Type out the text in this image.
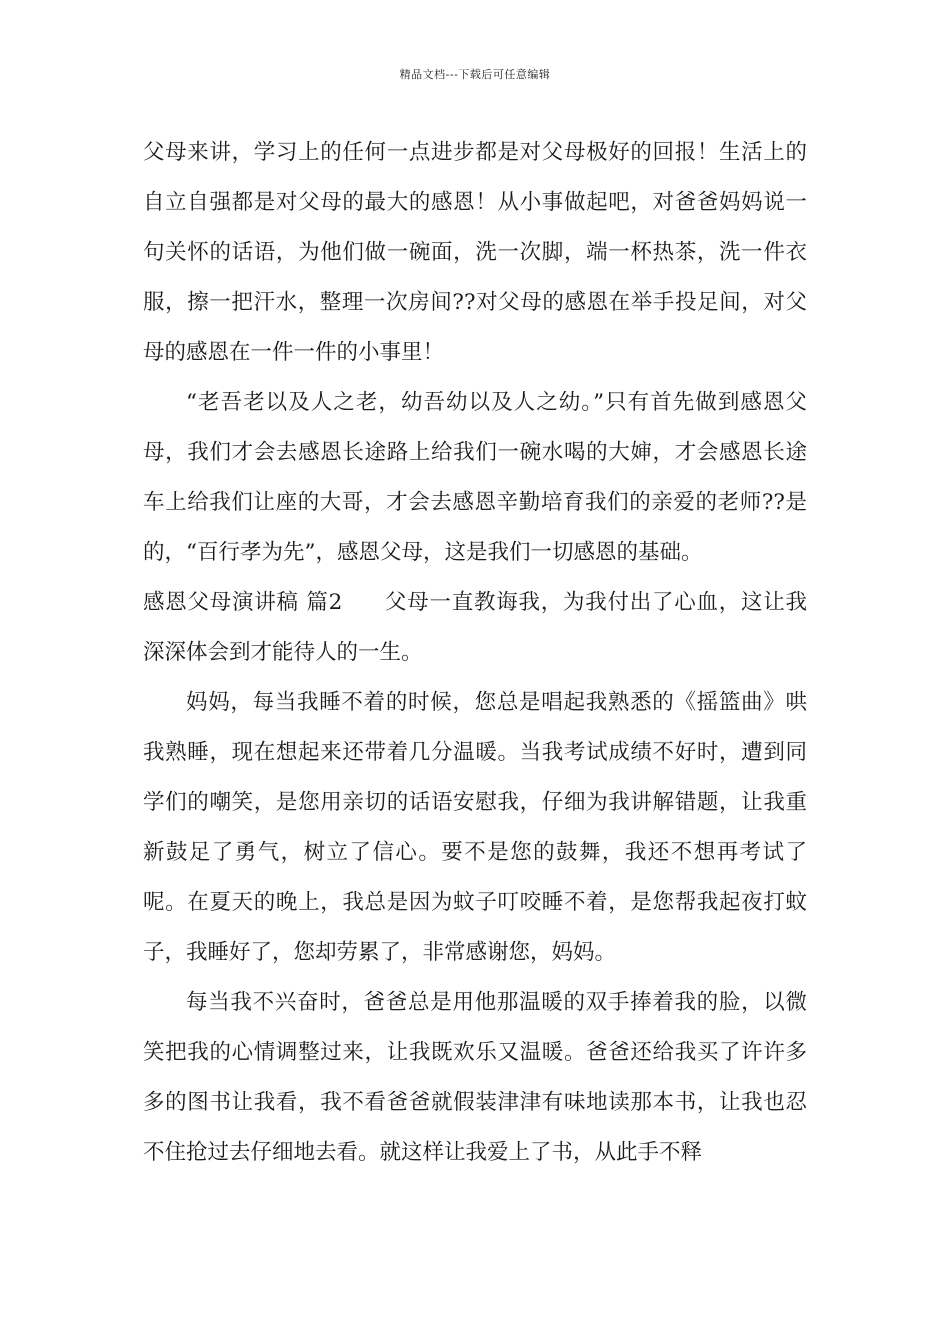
精品文档---下载后可任意编辑

父母来讲，学习上的任何一点进步都是对父母极好的回报！生活上的自立自强都是对父母的最大的感恩！从小事做起吧，对爸爸妈妈说一句关怀的话语，为他们做一碗面，洗一次脚，端一杯热茶，洗一件衣服，擦一把汗水，整理一次房间??对父母的感恩在举手投足间，对父母的感恩在一件一件的小事里！

“老吾老以及人之老，幼吾幼以及人之幼。”只有首先做到感恩父母，我们才会去感恩长途路上给我们一碗水喝的大婶，才会感恩长途车上给我们让座的大哥，才会去感恩辛勤培育我们的亲爱的老师??是的，“百行孝为先”，感恩父母，这是我们一切感恩的基础。

感恩父母演讲稿 篇2 父母一直教诲我，为我付出了心血，这让我深深体会到才能待人的一生。

妈妈，每当我睡不着的时候，您总是唱起我熟悉的《摇篮曲》哄我熟睡，现在想起来还带着几分温暖。当我考试成绩不好时，遭到同学们的嘲笑，是您用亲切的话语安慰我，仔细为我讲解错题，让我重新鼓足了勇气，树立了信心。要不是您的鼓舞，我还不想再考试了呢。在夏天的晚上，我总是因为蚊子叮咬睡不着，是您帮我起夜打蚊子，我睡好了，您却劳累了，非常感谢您，妈妈。

每当我不兴奋时，爸爸总是用他那温暖的双手捧着我的脸，以微笑把我的心情调整过来，让我既欢乐又温暖。爸爸还给我买了许许多多的图书让我看，我不看爸爸就假装津津有味地读那本书，让我也忍不住抢过去仔细地去看。就这样让我爱上了书，从此手不释
